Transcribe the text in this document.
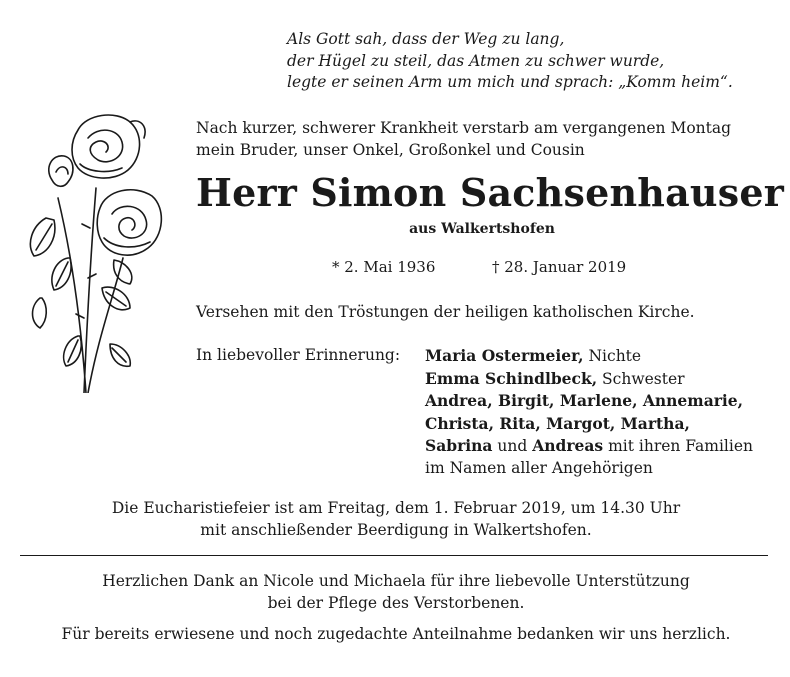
Als Gott sah, dass der Weg zu lang,
der Hügel zu steil, das Atmen zu schwer wurde,
legte er seinen Arm um mich und sprach: „Komm heim“.
Nach kurzer, schwerer Krankheit verstarb am vergangenen Montag
mein Bruder, unser Onkel, Großonkel und Cousin
Herr Simon Sachsenhauser
aus Walkertshofen
* 2. Mai 1936	† 28. Januar 2019
Versehen mit den Tröstungen der heiligen katholischen Kirche.
In liebevoller Erinnerung: Maria Ostermeier, Nichte
Emma Schindlbeck, Schwester
Andrea, Birgit, Marlene, Annemarie,
Christa, Rita, Margot, Martha,
Sabrina und Andreas mit ihren Familien
im Namen aller Angehörigen
Die Eucharistiefeier ist am Freitag, dem 1. Februar 2019, um 14.30 Uhr
mit anschließender Beerdigung in Walkertshofen.
Herzlichen Dank an Nicole und Michaela für ihre liebevolle Unterstützung
bei der Pflege des Verstorbenen.
Für bereits erwiesene und noch zugedachte Anteilnahme bedanken wir uns herzlich.
